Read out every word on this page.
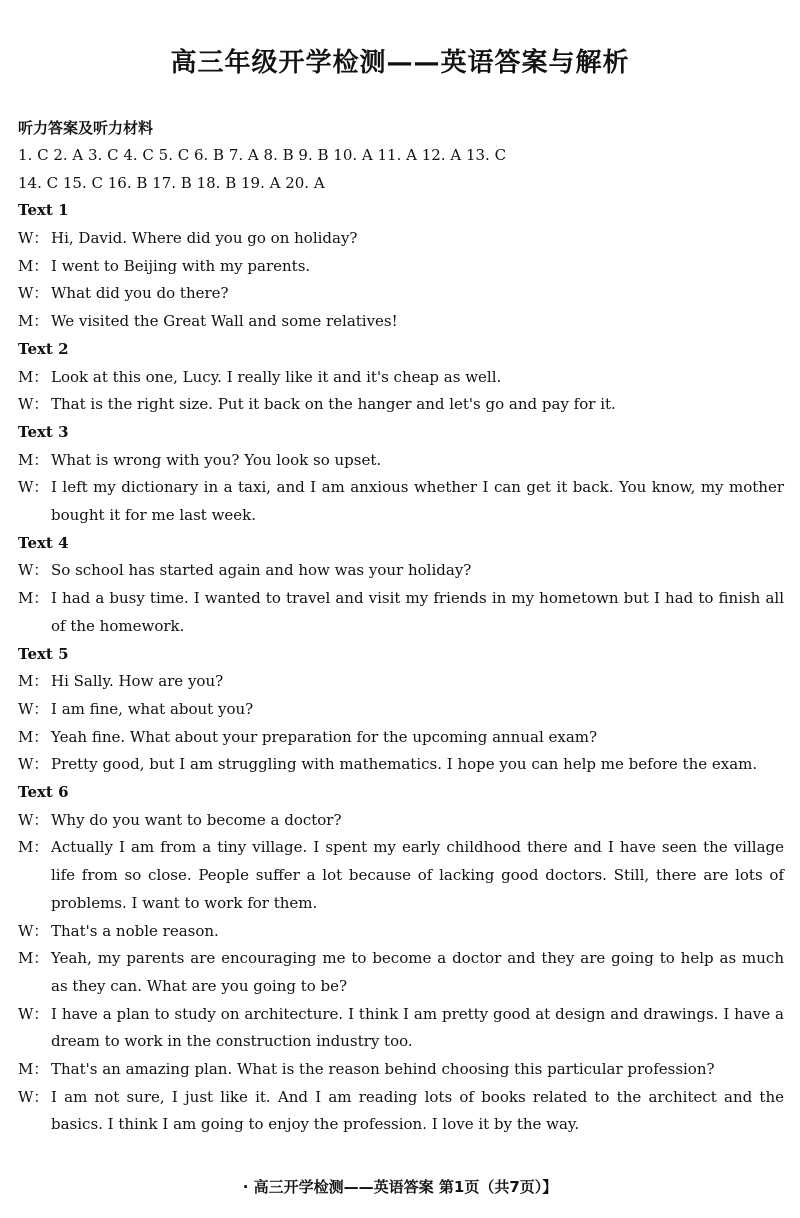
高三年级开学检测——英语答案与解析
听力答案及听力材料
1. C 2. A 3. C 4. C 5. C 6. B 7. A 8. B 9. B 10. A 11. A 12. A 13. C
14. C 15. C 16. B 17. B 18. B 19. A 20. A
Text 1
W： Hi, David. Where did you go on holiday?
M： I went to Beijing with my parents.
W： What did you do there?
M： We visited the Great Wall and some relatives!
Text 2
M： Look at this one, Lucy. I really like it and it's cheap as well.
W： That is the right size. Put it back on the hanger and let's go and pay for it.
Text 3
M： What is wrong with you? You look so upset.
W： I left my dictionary in a taxi, and I am anxious whether I can get it back. You know, my mother bought it for me last week.
Text 4
W： So school has started again and how was your holiday?
M： I had a busy time. I wanted to travel and visit my friends in my hometown but I had to finish all of the homework.
Text 5
M： Hi Sally. How are you?
W： I am fine, what about you?
M： Yeah fine. What about your preparation for the upcoming annual exam?
W： Pretty good, but I am struggling with mathematics. I hope you can help me before the exam.
Text 6
W： Why do you want to become a doctor?
M： Actually I am from a tiny village. I spent my early childhood there and I have seen the village life from so close. People suffer a lot because of lacking good doctors. Still, there are lots of problems. I want to work for them.
W： That's a noble reason.
M： Yeah, my parents are encouraging me to become a doctor and they are going to help as much as they can. What are you going to be?
W： I have a plan to study on architecture. I think I am pretty good at design and drawings. I have a dream to work in the construction industry too.
M： That's an amazing plan. What is the reason behind choosing this particular profession?
W： I am not sure, I just like it. And I am reading lots of books related to the architect and the basics. I think I am going to enjoy the profession. I love it by the way.
· 高三开学检测——英语答案 第1页（共7页）】
